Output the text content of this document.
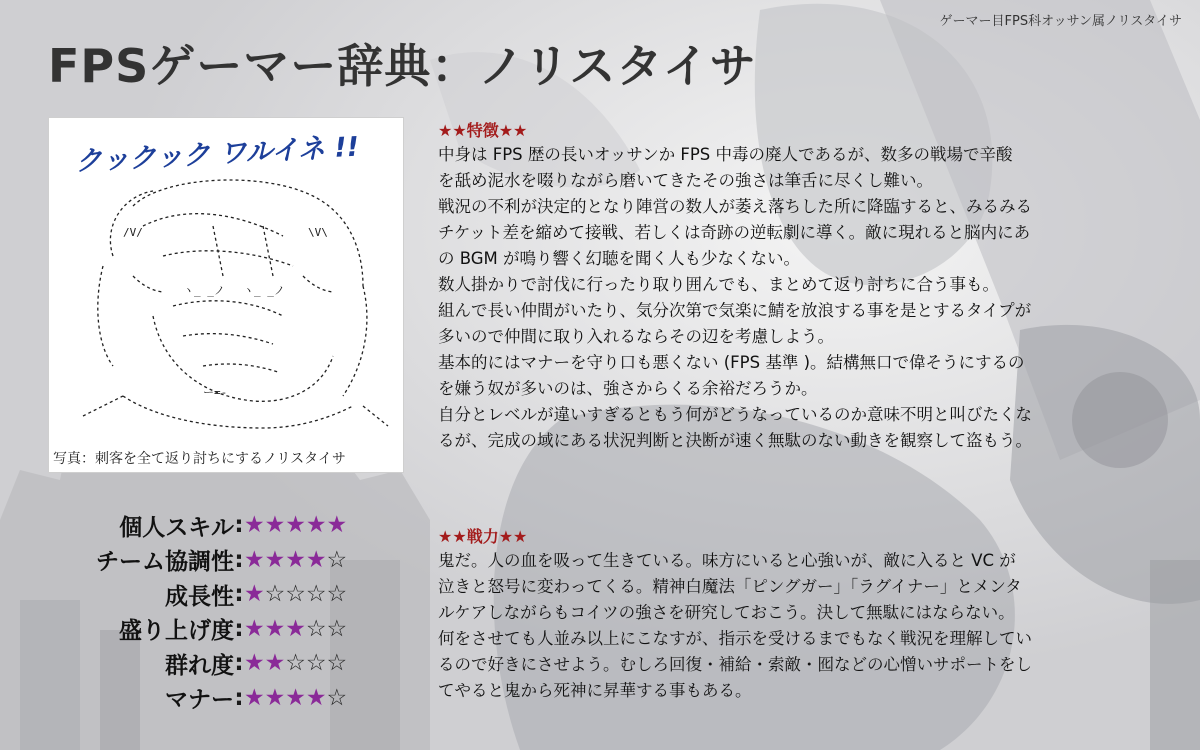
ゲーマー目FPS科オッサン属ノリスタイサ
FPSゲーマー辞典：ノリスタイサ
クックック ワルイネ !!
ヽ_ _ノ ヽ_ _ノ
/V/	\V\
ー=‐
写真：刺客を全て返り討ちにするノリスタイサ
個人スキル : ★ ★ ★ ★ ★
チーム協調性 : ★ ★ ★ ★ ☆
成長性 : ★ ☆ ☆ ☆ ☆
盛り上げ度 : ★ ★ ★ ☆ ☆
群れ度 : ★ ★ ☆ ☆ ☆
マナー : ★ ★ ★ ★ ☆
★★特徴★★

中身は FPS 歴の長いオッサンか FPS 中毒の廃人であるが、数多の戦場で辛酸

を舐め泥水を啜りながら磨いてきたその強さは筆舌に尽くし難い。

戦況の不利が決定的となり陣営の数人が萎え落ちした所に降臨すると、みるみる

チケット差を縮めて接戦、若しくは奇跡の逆転劇に導く。敵に現れると脳内にあ

の BGM が鳴り響く幻聴を聞く人も少なくない。

数人掛かりで討伐に行ったり取り囲んでも、まとめて返り討ちに合う事も。

組んで長い仲間がいたり、気分次第で気楽に鯖を放浪する事を是とするタイプが

多いので仲間に取り入れるならその辺を考慮しよう。

基本的にはマナーを守り口も悪くない (FPS 基準 )。結構無口で偉そうにするの

を嫌う奴が多いのは、強さからくる余裕だろうか。

自分とレベルが違いすぎるともう何がどうなっているのか意味不明と叫びたくな

るが、完成の域にある状況判断と決断が速く無駄のない動きを観察して盗もう。

★★戦力★★

鬼だ。人の血を吸って生きている。味方にいると心強いが、敵に入ると VC が

泣きと怒号に変わってくる。精神白魔法「ピングガー」「ラグイナー」とメンタ

ルケアしながらもコイツの強さを研究しておこう。決して無駄にはならない。

何をさせても人並み以上にこなすが、指示を受けるまでもなく戦況を理解してい

るので好きにさせよう。むしろ回復・補給・索敵・囮などの心憎いサポートをし

てやると鬼から死神に昇華する事もある。
